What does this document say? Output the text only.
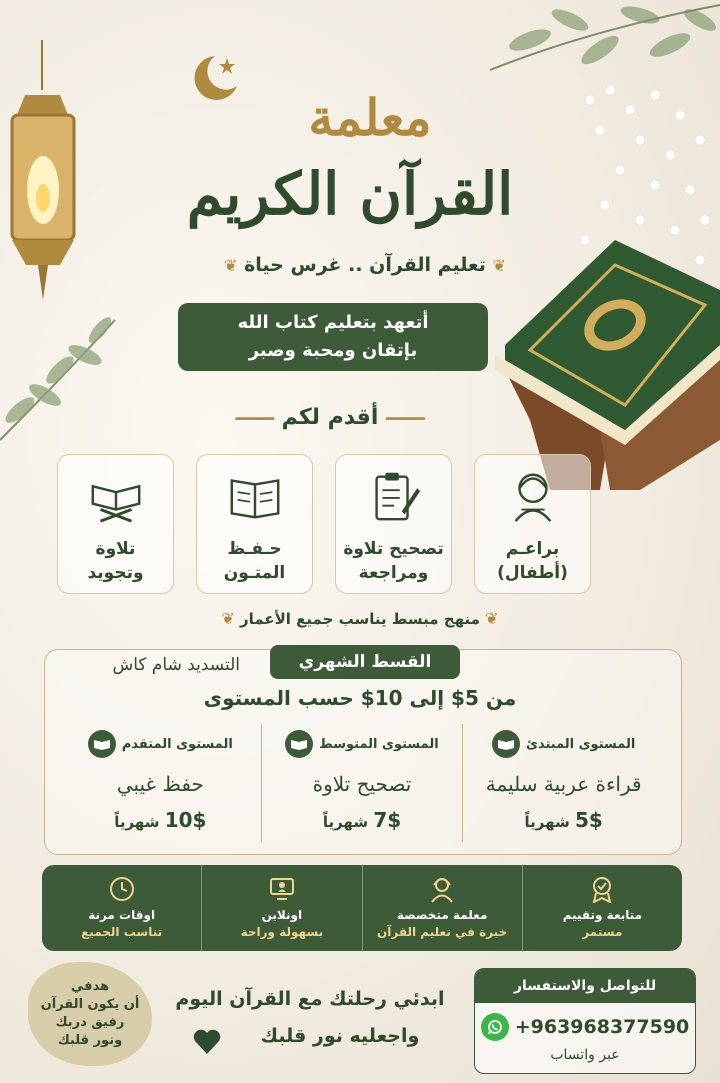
معلمة
القرآن الكريم
❦ تعليم القرآن .. غرس حياة ❦
أتعهد بتعليم كتاب الله
بإتقان ومحبة وصبر
━━━━ أقدم لكم ━━━━
براعـم
(أطفال)
تصحيح تلاوة
ومراجعة
حـفـظ
المتـون
تلاوة
وتجويد
❦ منهج مبسط يناسب جميع الأعمار ❦
القسط الشهري
التسديد شام كاش
من 5$ إلى 10$ حسب المستوى
المستوى المبتدئ
قراءة عربية سليمة
5$ شهرياً
المستوى المتوسط
تصحيح تلاوة
7$ شهرياً
المستوى المتقدم
حفظ غيبي
10$ شهرياً
متابعة وتقييم
مستمر
معلمة متخصصة
خبرة في تعليم القرآن
اونلاين
بسهولة وراحة
اوقات مرنة
تناسب الجميع
هدفي
أن يكون القرآن
رفيق دربك
ونور قلبك
ابدئي رحلتك مع القرآن اليوم
واجعليه نور قلبك
للتواصل والاستفسار
+963968377590
عبر واتساب
